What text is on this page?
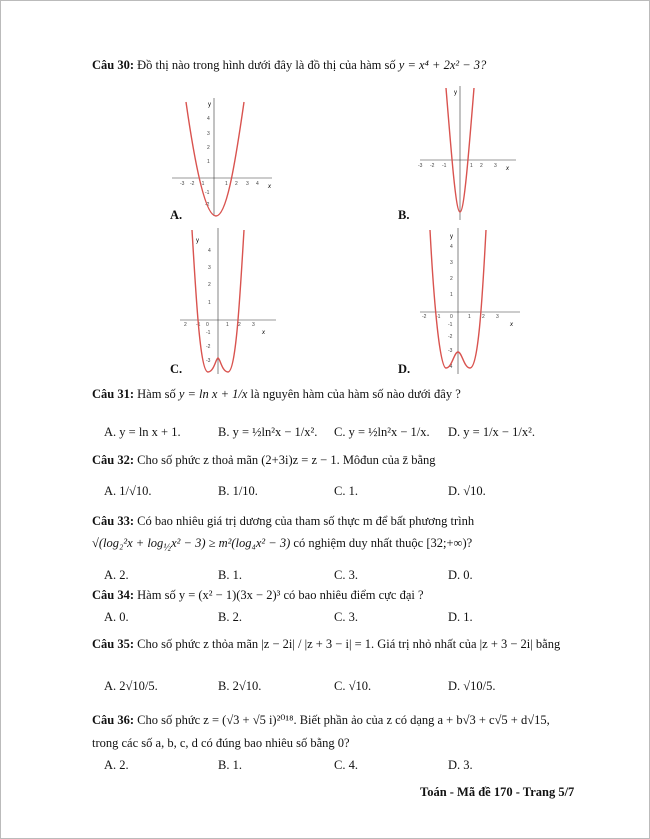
Câu 30: Đồ thị nào trong hình dưới đây là đồ thị của hàm số y = x⁴ + 2x² − 3?
y
x
-3 -2 -1	1 2 3 4
4
3
2
1
-1
-2
A.
y
x
-3 -2 -1	1 2 3
B.
y
x
2 -1 0	1 2 3
4
3
2
1
-1
-2
-3
C.
y
x
-2 -1 0	1 2 3
4
3
2
1
-1
-2
-3
-4
D.
Câu 31: Hàm số y = ln x + 1/x là nguyên hàm của hàm số nào dưới đây ?
A. y = ln x + 1.	B. y = ½ln²x − 1/x². C. y = ½ln²x − 1/x. D. y = 1/x − 1/x².
Câu 32: Cho số phức z thoả mãn (2+3i)z = z − 1. Môđun của z̄ bằng
A. 1/√10.	B. 1/10.	C. 1.	D. √10.
Câu 33: Có bao nhiêu giá trị dương của tham số thực m để bất phương trình
$√(\log_2^2x + \log_{\frac{1}{2}}x^2 - 3) \ge m^2(\log_4x^2 - 3)$ có nghiệm duy nhất thuộc [32;+∞)?
A. 2.	B. 1.	C. 3.	D. 0.
Câu 34: Hàm số y = (x² − 1)(3x − 2)³ có bao nhiêu điểm cực đại ?
A. 0.	B. 2.	C. 3.	D. 1.
Câu 35: Cho số phức z thỏa mãn |z − 2i| / |z + 3 − i| = 1. Giá trị nhỏ nhất của |z + 3 − 2i| bằng
A. 2√10/5.	B. 2√10.	C. √10.	D. √10/5.
Câu 36: Cho số phức z = (√3 + √5 i)²⁰¹⁸. Biết phần ảo của z có dạng a + b√3 + c√5 + d√15,
trong các số a, b, c, d có đúng bao nhiêu số bằng 0?
A. 2.	B. 1.	C. 4.	D. 3.
Toán - Mã đề 170 - Trang 5/7
